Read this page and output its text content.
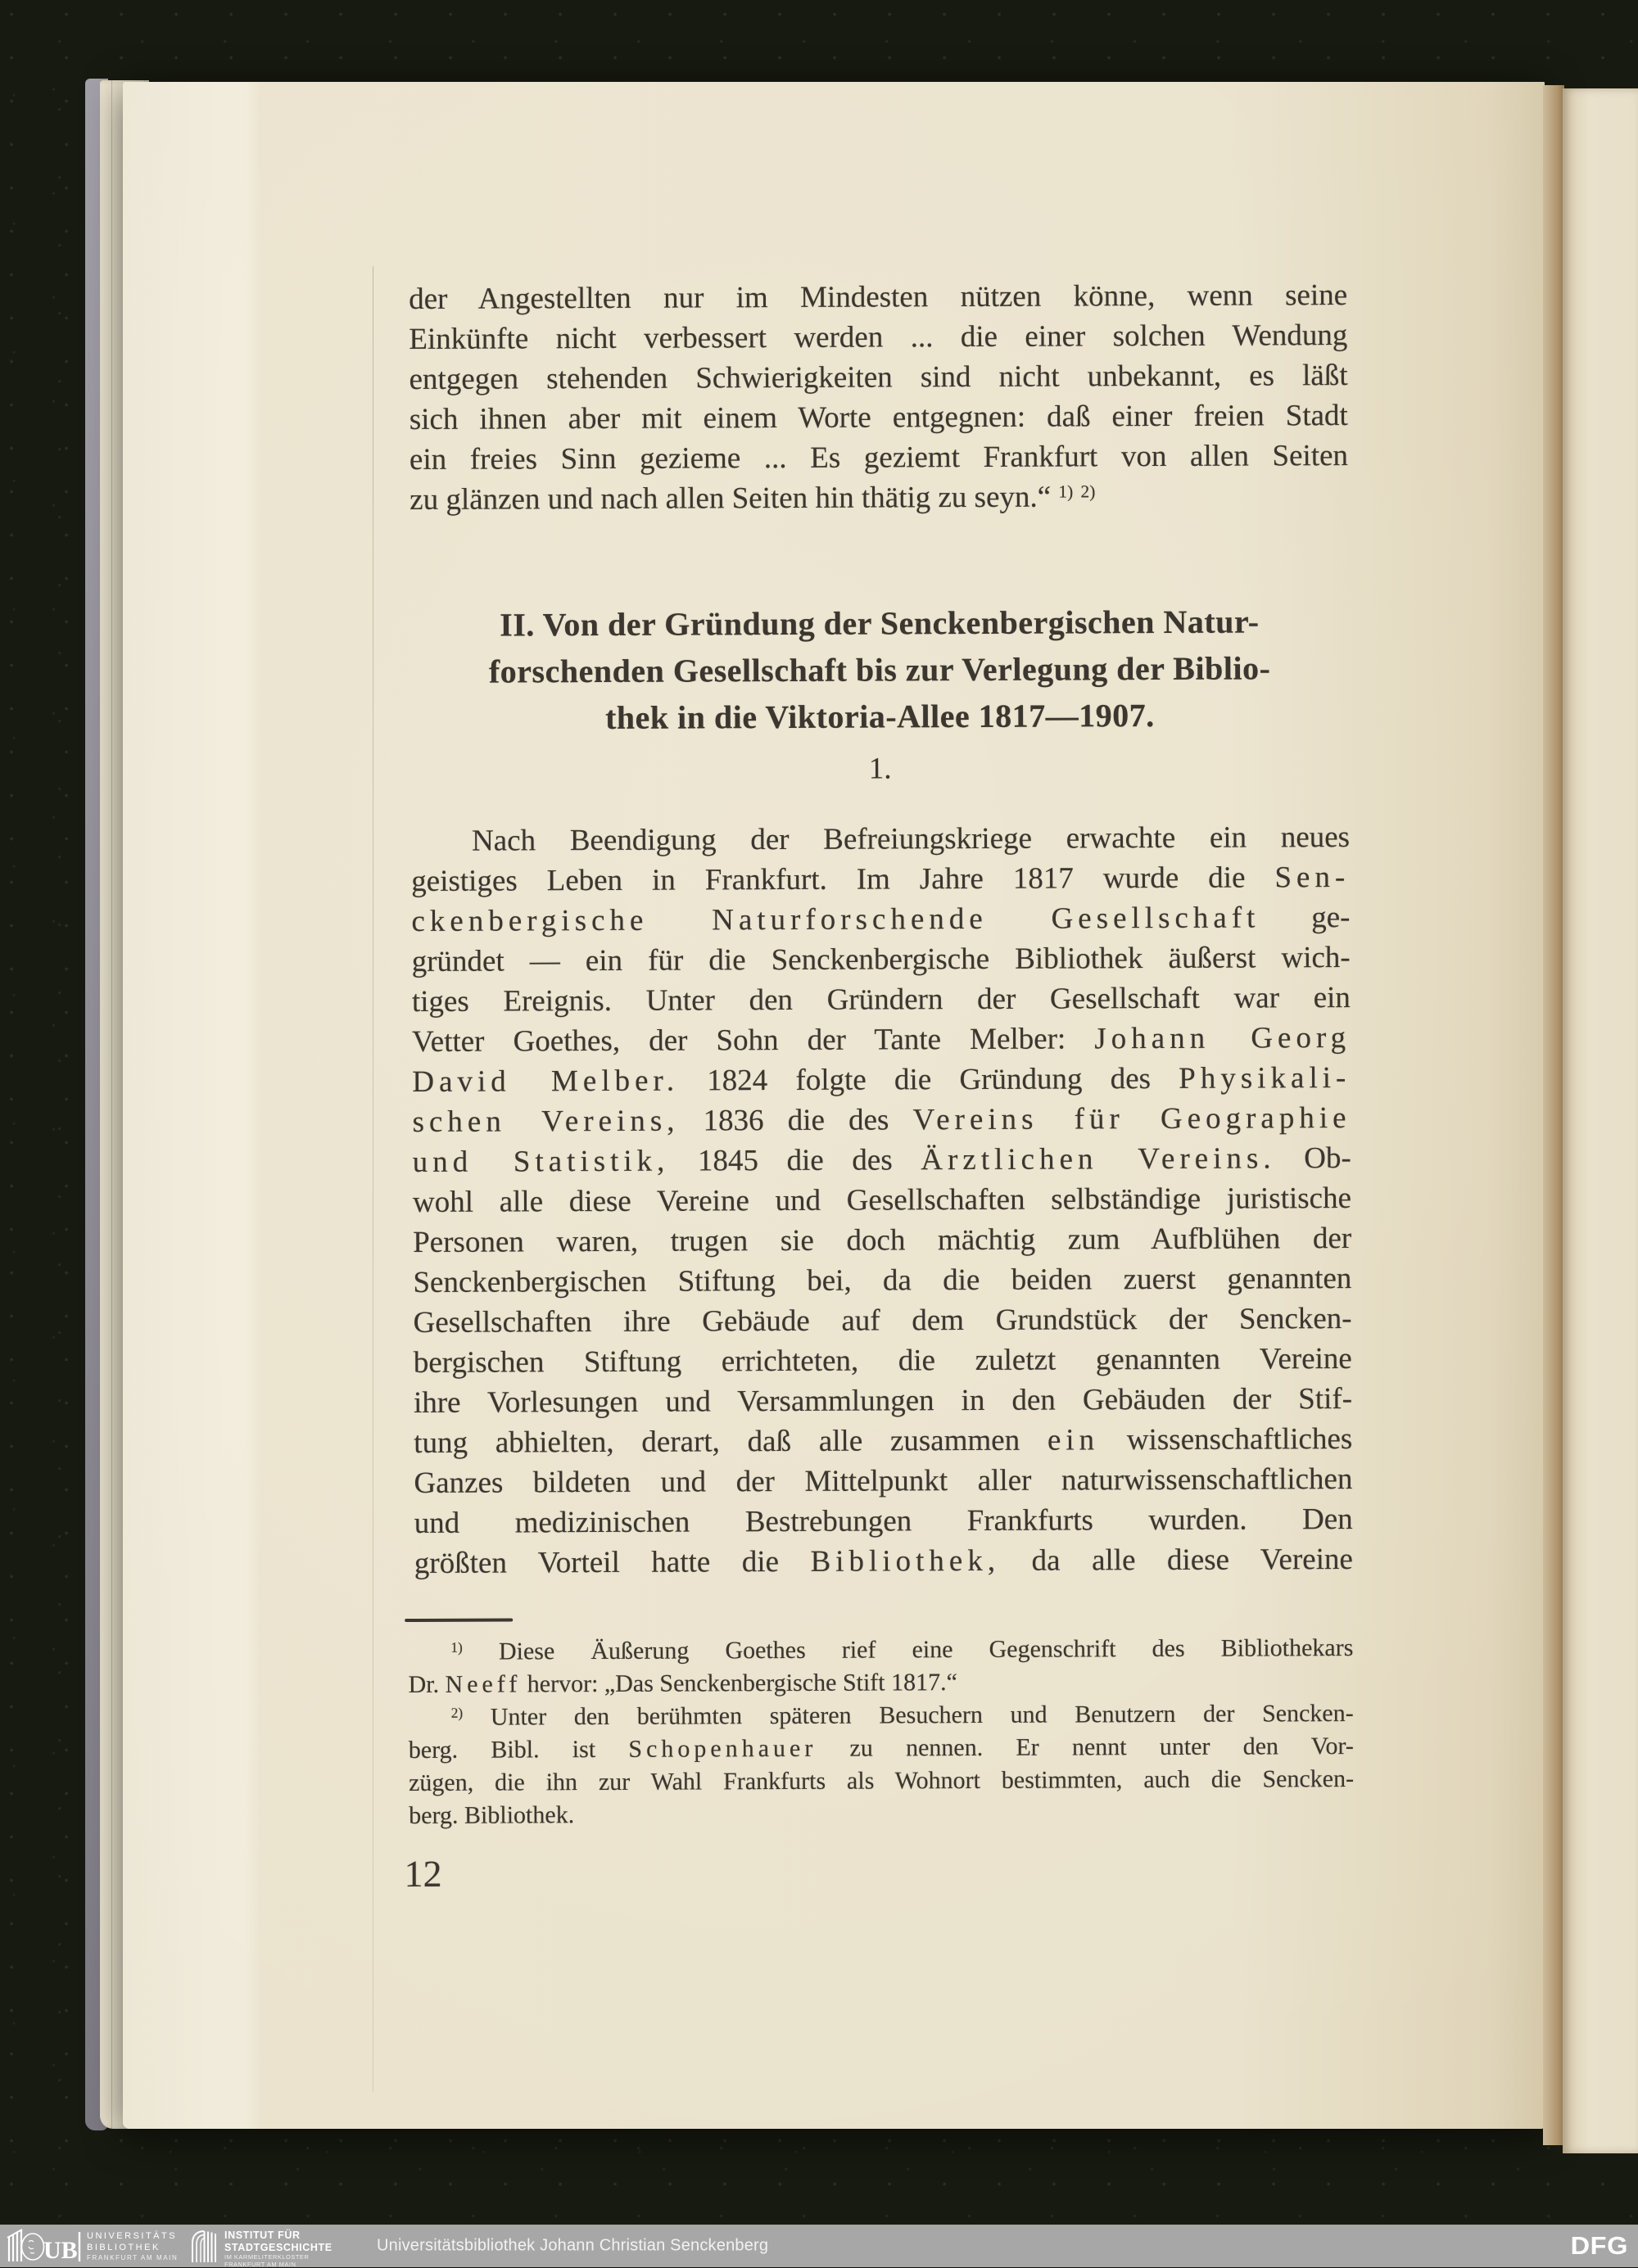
der Angestellten nur im Mindesten nützen könne, wenn seine
Einkünfte nicht verbessert werden ... die einer solchen Wendung
entgegen stehenden Schwierigkeiten sind nicht unbekannt, es läßt
sich ihnen aber mit einem Worte entgegnen: daß einer freien Stadt
ein freies Sinn gezieme ... Es geziemt Frankfurt von allen Seiten
zu glänzen und nach allen Seiten hin thätig zu seyn.“ $^{1)}$ $^{2)}$
II. Von der Gründung der Senckenbergischen Natur-
forschenden Gesellschaft bis zur Verlegung der Biblio-
thek in die Viktoria-Allee 1817—1907.
1.
Nach Beendigung der Befreiungskriege erwachte ein neues
geistiges Leben in Frankfurt. Im Jahre 1817 wurde die Sen-
ckenbergische Naturforschende Gesellschaft ge-
gründet — ein für die Senckenbergische Bibliothek äußerst wich-
tiges Ereignis. Unter den Gründern der Gesellschaft war ein
Vetter Goethes, der Sohn der Tante Melber: Johann Georg
David Melber. 1824 folgte die Gründung des Physikali-
schen Vereins, 1836 die des Vereins für Geographie
und Statistik, 1845 die des Ärztlichen Vereins. Ob-
wohl alle diese Vereine und Gesellschaften selbständige juristische
Personen waren, trugen sie doch mächtig zum Aufblühen der
Senckenbergischen Stiftung bei, da die beiden zuerst genannten
Gesellschaften ihre Gebäude auf dem Grundstück der Sencken-
bergischen Stiftung errichteten, die zuletzt genannten Vereine
ihre Vorlesungen und Versammlungen in den Gebäuden der Stif-
tung abhielten, derart, daß alle zusammen ein wissenschaftliches
Ganzes bildeten und der Mittelpunkt aller naturwissenschaftlichen
und medizinischen Bestrebungen Frankfurts wurden. Den
größten Vorteil hatte die Bibliothek, da alle diese Vereine
$^{1)}$ Diese Äußerung Goethes rief eine Gegenschrift des Bibliothekars
Dr. Neeff hervor: „Das Senckenbergische Stift 1817.“
$^{2)}$ Unter den berühmten späteren Besuchern und Benutzern der Sencken-
berg. Bibl. ist Schopenhauer zu nennen. Er nennt unter den Vor-
zügen, die ihn zur Wahl Frankfurts als Wohnort bestimmten, auch die Sencken-
berg. Bibliothek.
12
UB
UNIVERSITÄTS
BIBLIOTHEK
FRANKFURT AM MAIN
INSTITUT FÜR
STADTGESCHICHTE
IM KARMELITERKLOSTER
FRANKFURT AM MAIN
Universitätsbibliothek Johann Christian Senckenberg	DFG
